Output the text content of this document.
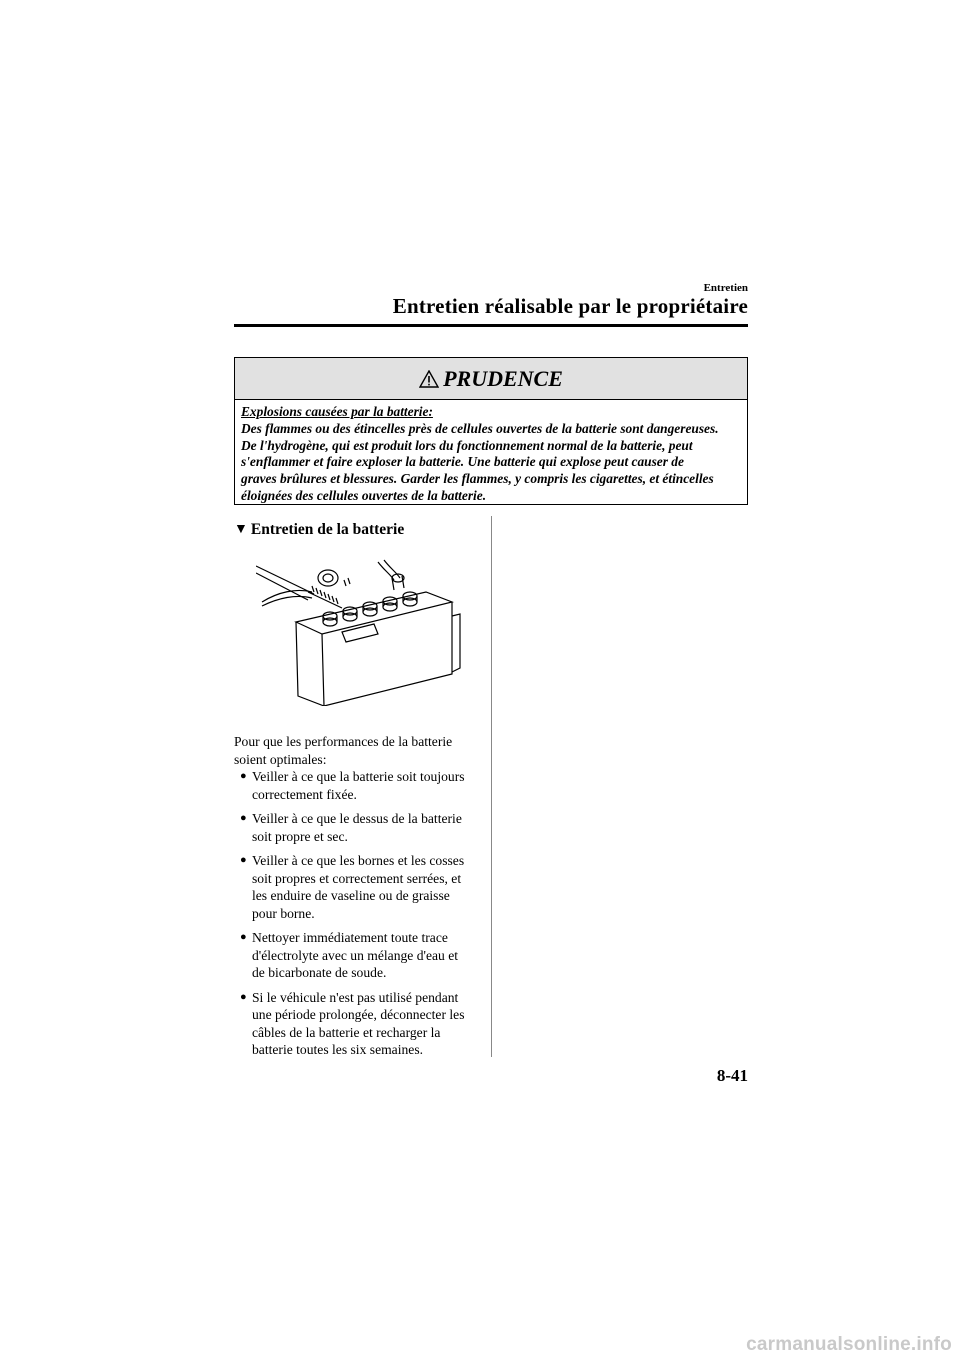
Entretien
Entretien réalisable par le propriétaire
PRUDENCE
Explosions causées par la batterie:
Des flammes ou des étincelles près de cellules ouvertes de la batterie sont dangereuses.
De l'hydrogène, qui est produit lors du fonctionnement normal de la batterie, peut
s'enflammer et faire exploser la batterie. Une batterie qui explose peut causer de
graves brûlures et blessures. Garder les flammes, y compris les cigarettes, et étincelles
éloignées des cellules ouvertes de la batterie.
▼ Entretien de la batterie
Pour que les performances de la batterie
soient optimales:
● Veiller à ce que la batterie soit toujours
correctement fixée.
● Veiller à ce que le dessus de la batterie
soit propre et sec.
● Veiller à ce que les bornes et les cosses
soit propres et correctement serrées, et
les enduire de vaseline ou de graisse
pour borne.
● Nettoyer immédiatement toute trace
d'électrolyte avec un mélange d'eau et
de bicarbonate de soude.
● Si le véhicule n'est pas utilisé pendant
une période prolongée, déconnecter les
câbles de la batterie et recharger la
batterie toutes les six semaines.
8-41
carmanualsonline.info
